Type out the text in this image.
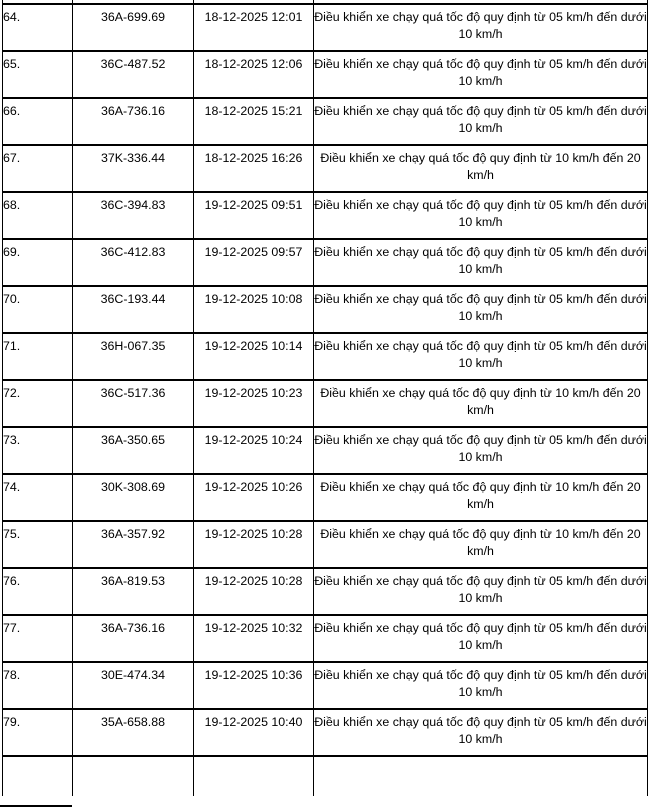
64.	36A-699.69	18-12-2025 12:01	Điều khiển xe chạy quá tốc độ quy định từ 05 km/h đến dưới 10 km/h
65.	36C-487.52	18-12-2025 12:06	Điều khiển xe chạy quá tốc độ quy định từ 05 km/h đến dưới 10 km/h
66.	36A-736.16	18-12-2025 15:21	Điều khiển xe chạy quá tốc độ quy định từ 05 km/h đến dưới 10 km/h
67.	37K-336.44	18-12-2025 16:26	Điều khiển xe chạy quá tốc độ quy định từ 10 km/h đến 20 km/h
68.	36C-394.83	19-12-2025 09:51	Điều khiển xe chạy quá tốc độ quy định từ 05 km/h đến dưới 10 km/h
69.	36C-412.83	19-12-2025 09:57	Điều khiển xe chạy quá tốc độ quy định từ 05 km/h đến dưới 10 km/h
70.	36C-193.44	19-12-2025 10:08	Điều khiển xe chạy quá tốc độ quy định từ 05 km/h đến dưới 10 km/h
71.	36H-067.35	19-12-2025 10:14	Điều khiển xe chạy quá tốc độ quy định từ 05 km/h đến dưới 10 km/h
72.	36C-517.36	19-12-2025 10:23	Điều khiển xe chạy quá tốc độ quy định từ 10 km/h đến 20 km/h
73.	36A-350.65	19-12-2025 10:24	Điều khiển xe chạy quá tốc độ quy định từ 05 km/h đến dưới 10 km/h
74.	30K-308.69	19-12-2025 10:26	Điều khiển xe chạy quá tốc độ quy định từ 10 km/h đến 20 km/h
75.	36A-357.92	19-12-2025 10:28	Điều khiển xe chạy quá tốc độ quy định từ 10 km/h đến 20 km/h
76.	36A-819.53	19-12-2025 10:28	Điều khiển xe chạy quá tốc độ quy định từ 05 km/h đến dưới 10 km/h
77.	36A-736.16	19-12-2025 10:32	Điều khiển xe chạy quá tốc độ quy định từ 05 km/h đến dưới 10 km/h
78.	30E-474.34	19-12-2025 10:36	Điều khiển xe chạy quá tốc độ quy định từ 05 km/h đến dưới 10 km/h
79.	35A-658.88	19-12-2025 10:40	Điều khiển xe chạy quá tốc độ quy định từ 05 km/h đến dưới 10 km/h
